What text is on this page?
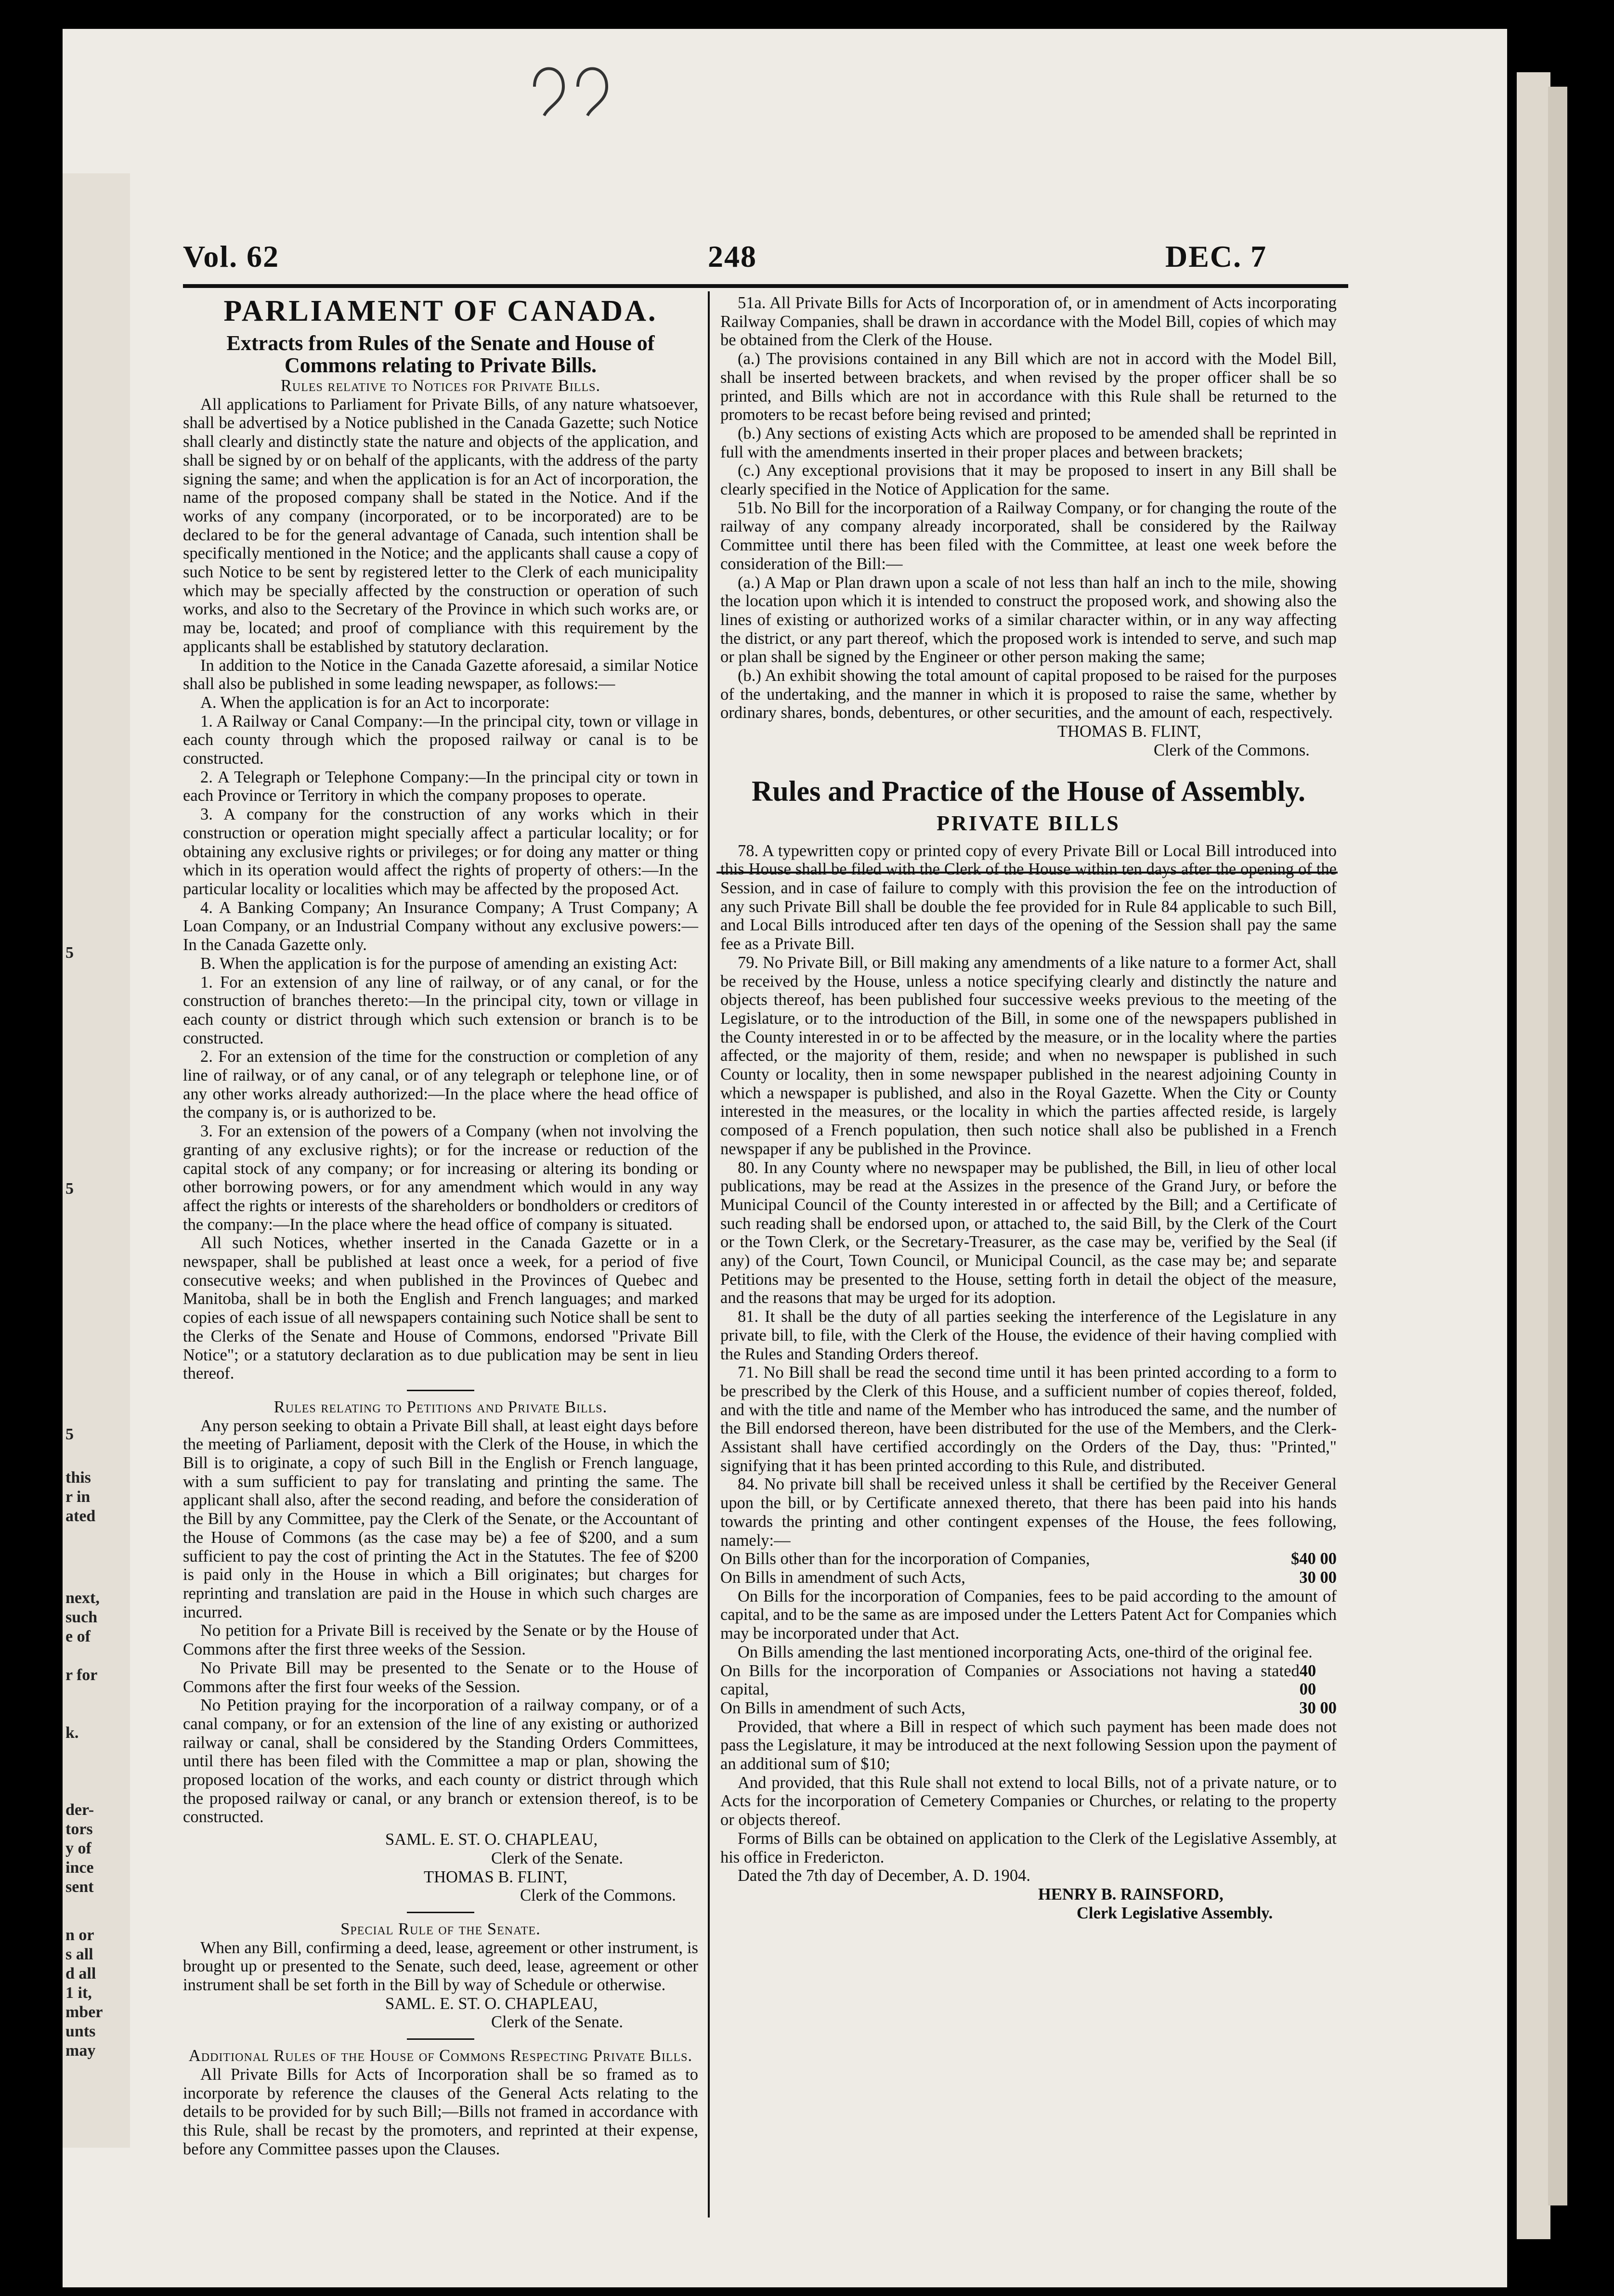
5
5
5
this
r in
ated
next,
such
e of
r for
k.
der-
tors
y of
ince
sent
n or
s all
d all
1 it,
mber
unts
may
Vol. 62	248	DEC. 7
PARLIAMENT OF CANADA.
Extracts from Rules of the Senate and House of Commons relating to Private Bills.

Rules relative to Notices for Private Bills.

All applications to Parliament for Private Bills, of any nature whatsoever, shall be advertised by a Notice published in the Canada Gazette; such Notice shall clearly and distinctly state the nature and objects of the application, and shall be signed by or on behalf of the applicants, with the address of the party signing the same; and when the application is for an Act of incorporation, the name of the proposed company shall be stated in the Notice. And if the works of any company (incorporated, or to be incorporated) are to be declared to be for the general advantage of Canada, such intention shall be specifically mentioned in the Notice; and the applicants shall cause a copy of such Notice to be sent by registered letter to the Clerk of each municipality which may be specially affected by the construction or operation of such works, and also to the Secretary of the Province in which such works are, or may be, located; and proof of compliance with this requirement by the applicants shall be established by statutory declaration.

In addition to the Notice in the Canada Gazette aforesaid, a similar Notice shall also be published in some leading newspaper, as follows:—

A. When the application is for an Act to incorporate:

1. A Railway or Canal Company:—In the principal city, town or village in each county through which the proposed railway or canal is to be constructed.

2. A Telegraph or Telephone Company:—In the principal city or town in each Province or Territory in which the company proposes to operate.

3. A company for the construction of any works which in their construction or operation might specially affect a particular locality; or for obtaining any exclusive rights or privileges; or for doing any matter or thing which in its operation would affect the rights of property of others:—In the particular locality or localities which may be affected by the proposed Act.

4. A Banking Company; An Insurance Company; A Trust Company; A Loan Company, or an Industrial Company without any exclusive powers:—In the Canada Gazette only.

B. When the application is for the purpose of amending an existing Act:

1. For an extension of any line of railway, or of any canal, or for the construction of branches thereto:—In the principal city, town or village in each county or district through which such extension or branch is to be constructed.

2. For an extension of the time for the construction or completion of any line of railway, or of any canal, or of any telegraph or telephone line, or of any other works already authorized:—In the place where the head office of the company is, or is authorized to be.

3. For an extension of the powers of a Company (when not involving the granting of any exclusive rights); or for the increase or reduction of the capital stock of any company; or for increasing or altering its bonding or other borrowing powers, or for any amendment which would in any way affect the rights or interests of the shareholders or bondholders or creditors of the company:—In the place where the head office of company is situated.

All such Notices, whether inserted in the Canada Gazette or in a newspaper, shall be published at least once a week, for a period of five consecutive weeks; and when published in the Provinces of Quebec and Manitoba, shall be in both the English and French languages; and marked copies of each issue of all newspapers containing such Notice shall be sent to the Clerks of the Senate and House of Commons, endorsed "Private Bill Notice"; or a statutory declaration as to due publication may be sent in lieu thereof.

Rules relating to Petitions and Private Bills.

Any person seeking to obtain a Private Bill shall, at least eight days before the meeting of Parliament, deposit with the Clerk of the House, in which the Bill is to originate, a copy of such Bill in the English or French language, with a sum sufficient to pay for translating and printing the same. The applicant shall also, after the second reading, and before the consideration of the Bill by any Committee, pay the Clerk of the Senate, or the Accountant of the House of Commons (as the case may be) a fee of $200, and a sum sufficient to pay the cost of printing the Act in the Statutes. The fee of $200 is paid only in the House in which a Bill originates; but charges for reprinting and translation are paid in the House in which such charges are incurred.

No petition for a Private Bill is received by the Senate or by the House of Commons after the first three weeks of the Session.

No Private Bill may be presented to the Senate or to the House of Commons after the first four weeks of the Session.

No Petition praying for the incorporation of a railway company, or of a canal company, or for an extension of the line of any existing or authorized railway or canal, shall be considered by the Standing Orders Committees, until there has been filed with the Committee a map or plan, showing the proposed location of the works, and each county or district through which the proposed railway or canal, or any branch or extension thereof, is to be constructed.

SAML. E. ST. O. CHAPLEAU,

Clerk of the Senate.

THOMAS B. FLINT,

Clerk of the Commons.

Special Rule of the Senate.

When any Bill, confirming a deed, lease, agreement or other instrument, is brought up or presented to the Senate, such deed, lease, agreement or other instrument shall be set forth in the Bill by way of Schedule or otherwise.

SAML. E. ST. O. CHAPLEAU,

Clerk of the Senate.

Additional Rules of the House of Commons Respecting Private Bills.

All Private Bills for Acts of Incorporation shall be so framed as to incorporate by reference the clauses of the General Acts relating to the details to be provided for by such Bill;—Bills not framed in accordance with this Rule, shall be recast by the promoters, and reprinted at their expense, before any Committee passes upon the Clauses.

51a. All Private Bills for Acts of Incorporation of, or in amendment of Acts incorporating Railway Companies, shall be drawn in accordance with the Model Bill, copies of which may be obtained from the Clerk of the House.

(a.) The provisions contained in any Bill which are not in accord with the Model Bill, shall be inserted between brackets, and when revised by the proper officer shall be so printed, and Bills which are not in accordance with this Rule shall be returned to the promoters to be recast before being revised and printed;

(b.) Any sections of existing Acts which are proposed to be amended shall be reprinted in full with the amendments inserted in their proper places and between brackets;

(c.) Any exceptional provisions that it may be proposed to insert in any Bill shall be clearly specified in the Notice of Application for the same.

51b. No Bill for the incorporation of a Railway Company, or for changing the route of the railway of any company already incorporated, shall be considered by the Railway Committee until there has been filed with the Committee, at least one week before the consideration of the Bill:—

(a.) A Map or Plan drawn upon a scale of not less than half an inch to the mile, showing the location upon which it is intended to construct the proposed work, and showing also the lines of existing or authorized works of a similar character within, or in any way affecting the district, or any part thereof, which the proposed work is intended to serve, and such map or plan shall be signed by the Engineer or other person making the same;

(b.) An exhibit showing the total amount of capital proposed to be raised for the purposes of the undertaking, and the manner in which it is proposed to raise the same, whether by ordinary shares, bonds, debentures, or other securities, and the amount of each, respectively.

THOMAS B. FLINT,

Clerk of the Commons.

Rules and Practice of the House of Assembly.
PRIVATE BILLS

78. A typewritten copy or printed copy of every Private Bill or Local Bill introduced into this House shall be filed with the Clerk of the House within ten days after the opening of the Session, and in case of failure to comply with this provision the fee on the introduction of any such Private Bill shall be double the fee provided for in Rule 84 applicable to such Bill, and Local Bills introduced after ten days of the opening of the Session shall pay the same fee as a Private Bill.

79. No Private Bill, or Bill making any amendments of a like nature to a former Act, shall be received by the House, unless a notice specifying clearly and distinctly the nature and objects thereof, has been published four successive weeks previous to the meeting of the Legislature, or to the introduction of the Bill, in some one of the newspapers published in the County interested in or to be affected by the measure, or in the locality where the parties affected, or the majority of them, reside; and when no newspaper is published in such County or locality, then in some newspaper published in the nearest adjoining County in which a newspaper is published, and also in the Royal Gazette. When the City or County interested in the measures, or the locality in which the parties affected reside, is largely composed of a French population, then such notice shall also be published in a French newspaper if any be published in the Province.

80. In any County where no newspaper may be published, the Bill, in lieu of other local publications, may be read at the Assizes in the presence of the Grand Jury, or before the Municipal Council of the County interested in or affected by the Bill; and a Certificate of such reading shall be endorsed upon, or attached to, the said Bill, by the Clerk of the Court or the Town Clerk, or the Secretary-Treasurer, as the case may be, verified by the Seal (if any) of the Court, Town Council, or Municipal Council, as the case may be; and separate Petitions may be presented to the House, setting forth in detail the object of the measure, and the reasons that may be urged for its adoption.

81. It shall be the duty of all parties seeking the interference of the Legislature in any private bill, to file, with the Clerk of the House, the evidence of their having complied with the Rules and Standing Orders thereof.

71. No Bill shall be read the second time until it has been printed according to a form to be prescribed by the Clerk of this House, and a sufficient number of copies thereof, folded, and with the title and name of the Member who has introduced the same, and the number of the Bill endorsed thereon, have been distributed for the use of the Members, and the Clerk-Assistant shall have certified accordingly on the Orders of the Day, thus: "Printed," signifying that it has been printed according to this Rule, and distributed.

84. No private bill shall be received unless it shall be certified by the Receiver General upon the bill, or by Certificate annexed thereto, that there has been paid into his hands towards the printing and other contingent expenses of the House, the fees following, namely:—

On Bills other than for the incorporation of Companies,	$40 00
On Bills in amendment of such Acts,	30 00

On Bills for the incorporation of Companies, fees to be paid according to the amount of capital, and to be the same as are imposed under the Letters Patent Act for Companies which may be incorporated under that Act.

On Bills amending the last mentioned incorporating Acts, one-third of the original fee.

On Bills for the incorporation of Companies or Associations not having a stated capital,
40 00
On Bills in amendment of such Acts,	30 00

Provided, that where a Bill in respect of which such payment has been made does not pass the Legislature, it may be introduced at the next following Session upon the payment of an additional sum of $10;

And provided, that this Rule shall not extend to local Bills, not of a private nature, or to Acts for the incorporation of Cemetery Companies or Churches, or relating to the property or objects thereof.

Forms of Bills can be obtained on application to the Clerk of the Legislative Assembly, at his office in Fredericton.

Dated the 7th day of December, A. D. 1904.

HENRY B. RAINSFORD,

Clerk Legislative Assembly.
